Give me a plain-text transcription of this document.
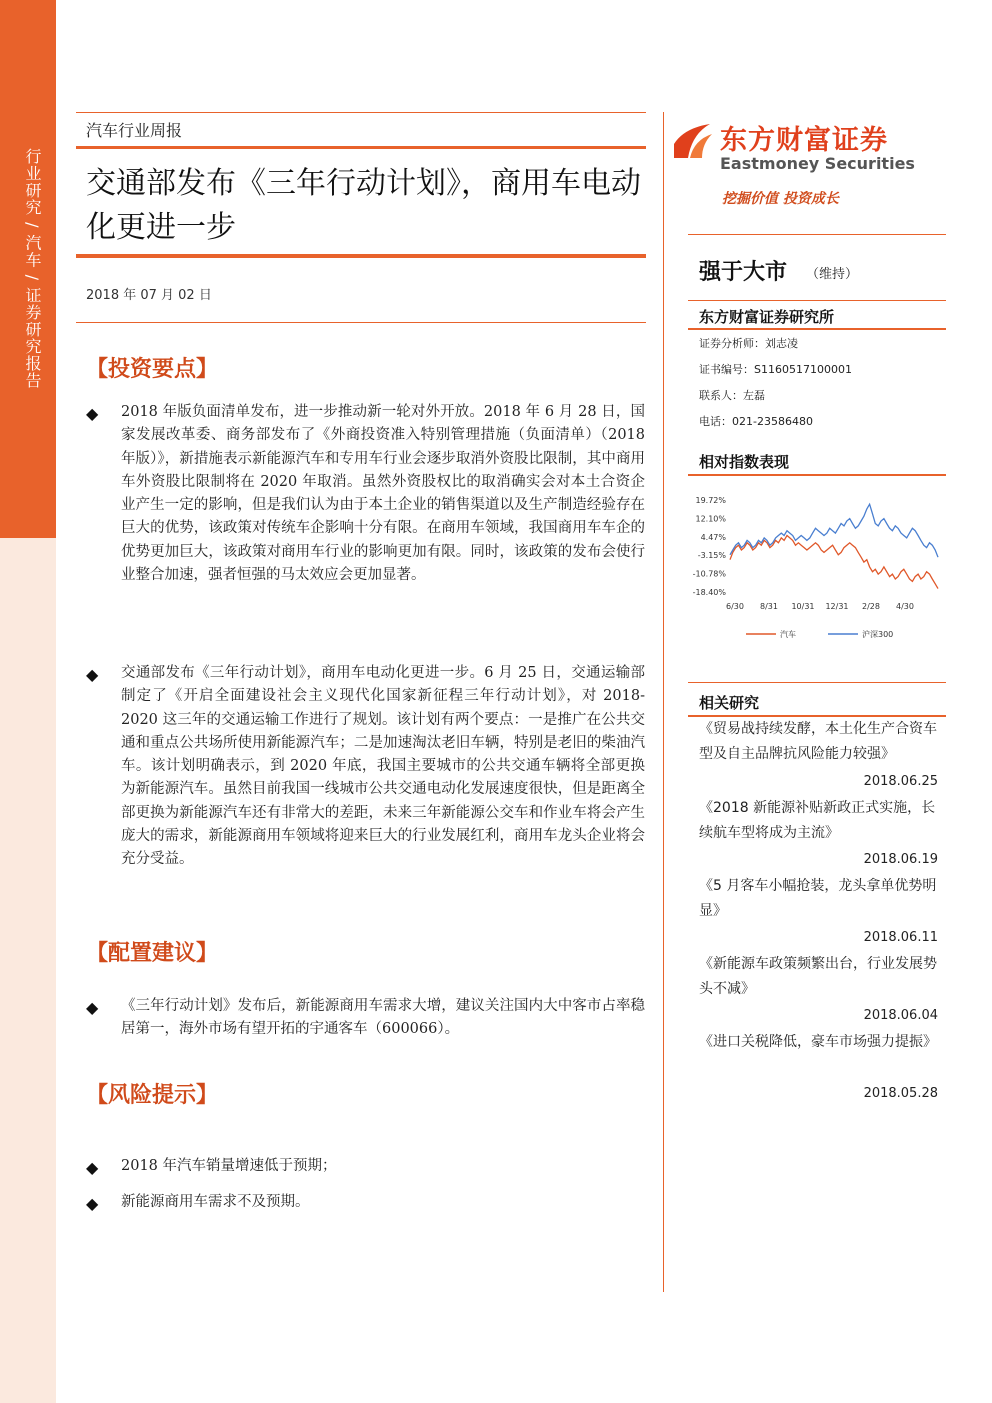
行业研究 / 汽车 / 证券研究报告
汽车行业周报
交通部发布《三年行动计划》，商用车电动化更进一步
2018 年 07 月 02 日
【投资要点】
◆ 2018 年版负面清单发布，进一步推动新一轮对外开放。2018 年 6 月 28 日，国家发展改革委、商务部发布了《外商投资准入特别管理措施（负面清单）（2018 年版）》，新措施表示新能源汽车和专用车行业会逐步取消外资股比限制，其中商用车外资股比限制将在 2020 年取消。虽然外资股权比的取消确实会对本土合资企业产生一定的影响，但是我们认为由于本土企业的销售渠道以及生产制造经验存在巨大的优势，该政策对传统车企影响十分有限。在商用车领域，我国商用车车企的优势更加巨大，该政策对商用车行业的影响更加有限。同时，该政策的发布会使行业整合加速，强者恒强的马太效应会更加显著。
◆ 交通部发布《三年行动计划》，商用车电动化更进一步。6 月 25 日，交通运输部制定了《开启全面建设社会主义现代化国家新征程三年行动计划》，对 2018-2020 这三年的交通运输工作进行了规划。该计划有两个要点：一是推广在公共交通和重点公共场所使用新能源汽车；二是加速淘汰老旧车辆，特别是老旧的柴油汽车。该计划明确表示，到 2020 年底，我国主要城市的公共交通车辆将全部更换为新能源汽车。虽然目前我国一线城市公共交通电动化发展速度很快，但是距离全部更换为新能源汽车还有非常大的差距，未来三年新能源公交车和作业车将会产生庞大的需求，新能源商用车领域将迎来巨大的行业发展红利，商用车龙头企业将会充分受益。
【配置建议】
◆ 《三年行动计划》发布后，新能源商用车需求大增，建议关注国内大中客市占率稳居第一，海外市场有望开拓的宇通客车（600066）。
【风险提示】
◆ 2018 年汽车销量增速低于预期；
◆ 新能源商用车需求不及预期。
东方财富证券
Eastmoney Securities
挖掘价值 投资成长
强于大市 （维持）
东方财富证券研究所
证券分析师：刘志凌
证书编号：S1160517100001
联系人：左磊
电话：021-23586480
相对指数表现
19.72%
12.10%
4.47%
-3.15%
-10.78%
-18.40%
6/30 8/31 10/31 12/31 2/28 4/30
汽车	沪深300
相关研究
《贸易战持续发酵，本土化生产合资车型及自主品牌抗风险能力较强》
2018.06.25
《2018 新能源补贴新政正式实施，长续航车型将成为主流》
2018.06.19
《5 月客车小幅抢装，龙头拿单优势明显》
2018.06.11
《新能源车政策频繁出台，行业发展势头不减》
2018.06.04
《进口关税降低，豪车市场强力提振》
2018.05.28
